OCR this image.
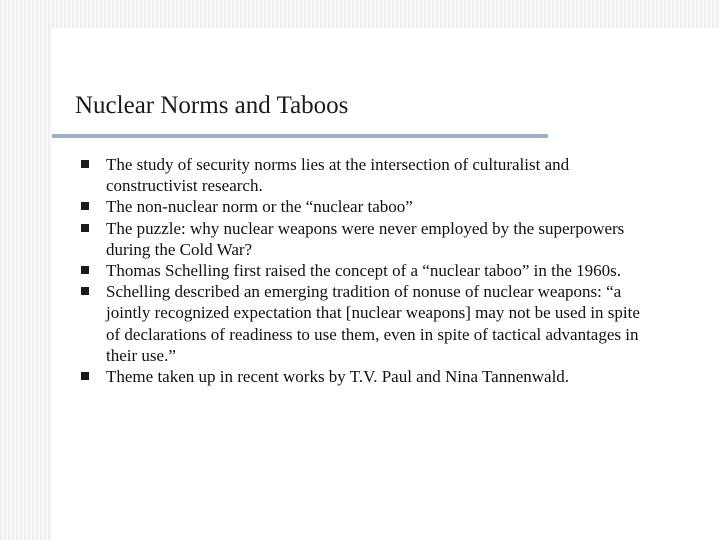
Nuclear Norms and Taboos
The study of security norms lies at the intersection of culturalist and constructivist research.
The non-nuclear norm or the “nuclear taboo”
The puzzle: why nuclear weapons were never employed by the superpowers during the Cold War?
Thomas Schelling first raised the concept of a “nuclear taboo” in the 1960s.
Schelling described an emerging tradition of nonuse of nuclear weapons: “a jointly recognized expectation that [nuclear weapons] may not be used in spite of declarations of readiness to use them, even in spite of tactical advantages in their use.”
Theme taken up in recent works by T.V. Paul and Nina Tannenwald.
